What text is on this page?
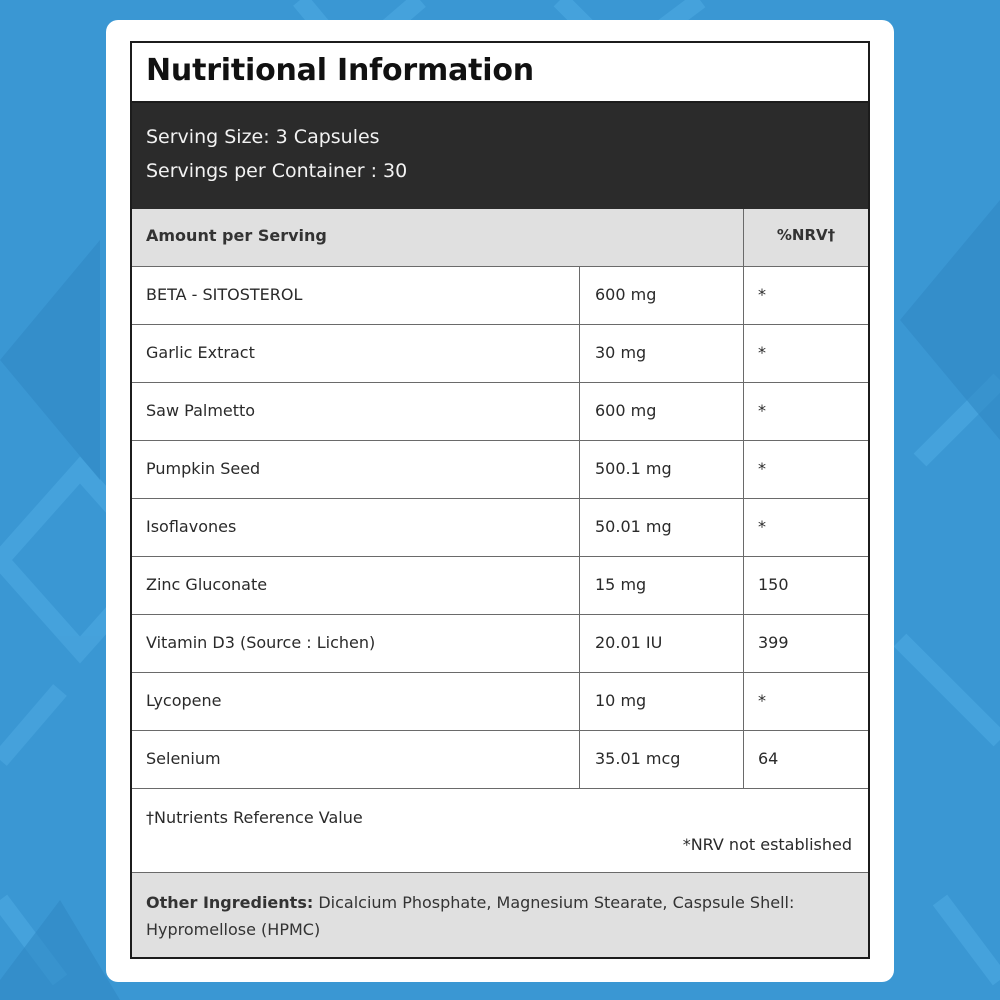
Nutritional Information
Serving Size: 3 Capsules
Servings per Container : 30
Amount per Serving	%NRV†
BETA - SITOSTEROL	600 mg	*
Garlic Extract	30 mg	*
Saw Palmetto	600 mg	*
Pumpkin Seed	500.1 mg	*
Isoflavones	50.01 mg	*
Zinc Gluconate	15 mg	150
Vitamin D3 (Source : Lichen)	20.01 IU	399
Lycopene	10 mg	*
Selenium	35.01 mcg	64
†Nutrients Reference Value
*NRV not established
Other Ingredients: Dicalcium Phosphate, Magnesium Stearate, Caspsule Shell: Hypromellose (HPMC)
